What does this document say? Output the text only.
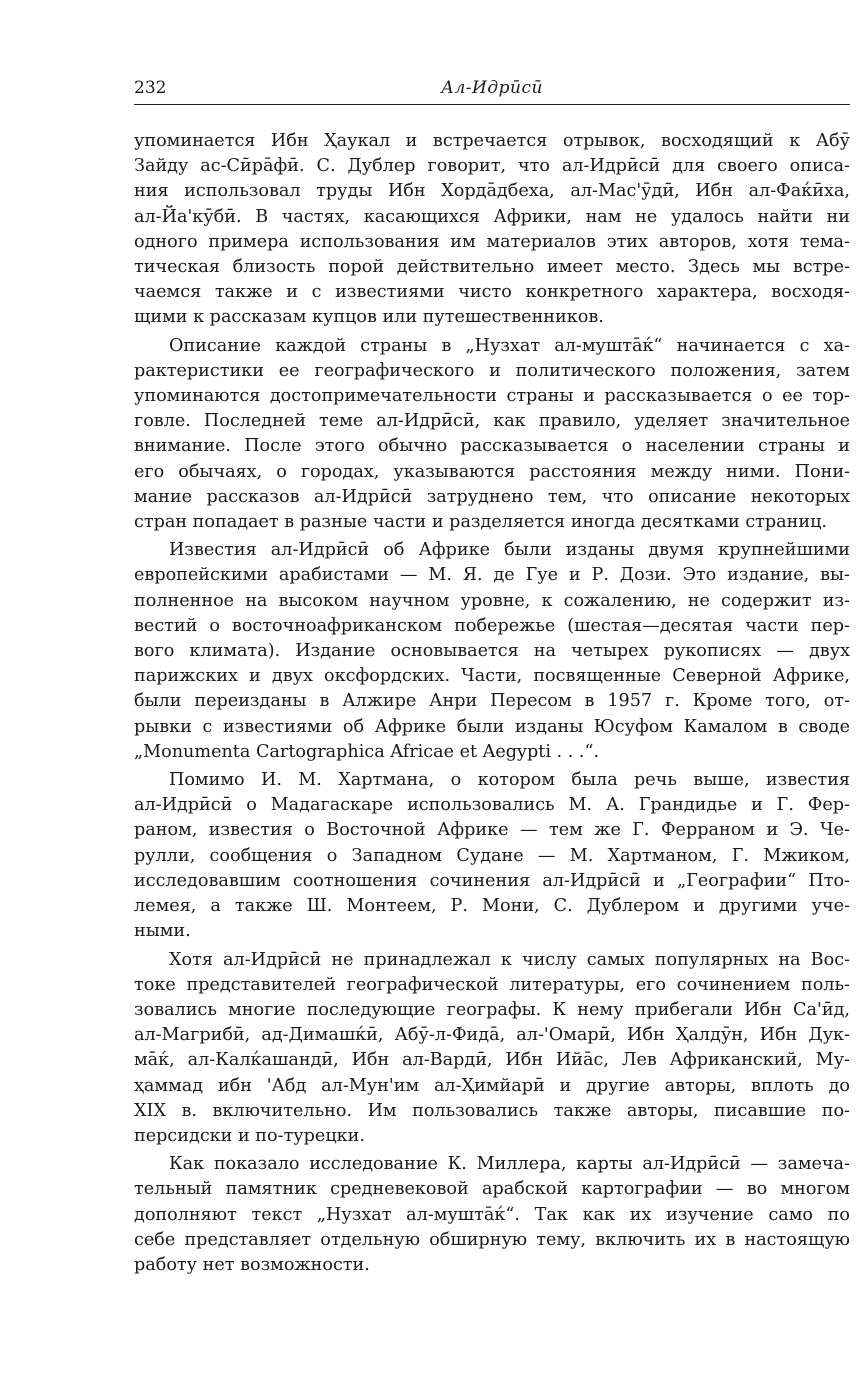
232	Ал-Идрӣсӣ

упоминается Ибн Ҳаукал и встречается отрывок, восходящий к Абӯ
Зайду ас-Сӣрāфӣ. С. Дублер говорит, что ал-Идрӣсӣ для своего описа-
ния использовал труды Ибн Хордāдбеха, ал-Мас'ӯдӣ, Ибн ал-Фаќӣха,
ал-Йа'кӯбӣ. В частях, касающихся Африки, нам не удалось найти ни
одного примера использования им материалов этих авторов, хотя тема-
тическая близость порой действительно имеет место. Здесь мы встре-
чаемся также и с известиями чисто конкретного характера, восходя-
щими к рассказам купцов или путешественников.

Описание каждой страны в „Нузхат ал-муштāќ“ начинается с ха-
рактеристики ее географического и политического положения, затем
упоминаются достопримечательности страны и рассказывается о ее тор-
говле. Последней теме ал-Идрӣсӣ, как правило, уделяет значительное
внимание. После этого обычно рассказывается о населении страны и
его обычаях, о городах, указываются расстояния между ними. Пони-
мание рассказов ал-Идрӣсӣ затруднено тем, что описание некоторых
стран попадает в разные части и разделяется иногда десятками страниц.

Известия ал-Идрӣсӣ об Африке были изданы двумя крупнейшими
европейскими арабистами — М. Я. де Гуе и Р. Дози. Это издание, вы-
полненное на высоком научном уровне, к сожалению, не содержит из-
вестий о восточноафриканском побережье (шестая—десятая части пер-
вого климата). Издание основывается на четырех рукописях — двух
парижских и двух оксфордских. Части, посвященные Северной Африке,
были переизданы в Алжире Анри Пересом в 1957 г. Кроме того, от-
рывки с известиями об Африке были изданы Юсуфом Камалом в своде
„Monumenta Cartographica Africae et Aegypti . . .“.

Помимо И. М. Хартмана, о котором была речь выше, известия
ал-Идрӣсӣ о Мадагаскаре использовались М. А. Грандидье и Г. Фер-
раном, известия о Восточной Африке — тем же Г. Ферраном и Э. Че-
рулли, сообщения о Западном Судане — М. Хартманом, Г. Мжиком,
исследовавшим соотношения сочинения ал-Идрӣсӣ и „Географии“ Пто-
лемея, а также Ш. Монтеем, Р. Мони, С. Дублером и другими уче-
ными.

Хотя ал-Идрӣсӣ не принадлежал к числу самых популярных на Вос-
токе представителей географической литературы, его сочинением поль-
зовались многие последующие географы. К нему прибегали Ибн Са'ӣд,
ал-Магрибӣ, ад-Димашќӣ, Абӯ-л-Фидā, ал-'Омарӣ, Ибн Ҳалдӯн, Ибн Дук-
мāќ, ал-Калќашандӣ, Ибн ал-Вардӣ, Ибн Ийāс, Лев Африканский, Му-
ҳаммад ибн 'Абд ал-Мун'им ал-Ҳимйарӣ и другие авторы, вплоть до
XIX в. включительно. Им пользовались также авторы, писавшие по-
персидски и по-турецки.

Как показало исследование К. Миллера, карты ал-Идрӣсӣ — замеча-
тельный памятник средневековой арабской картографии — во многом
дополняют текст „Нузхат ал-муштāќ“. Так как их изучение само по
себе представляет отдельную обширную тему, включить их в настоящую
работу нет возможности.
